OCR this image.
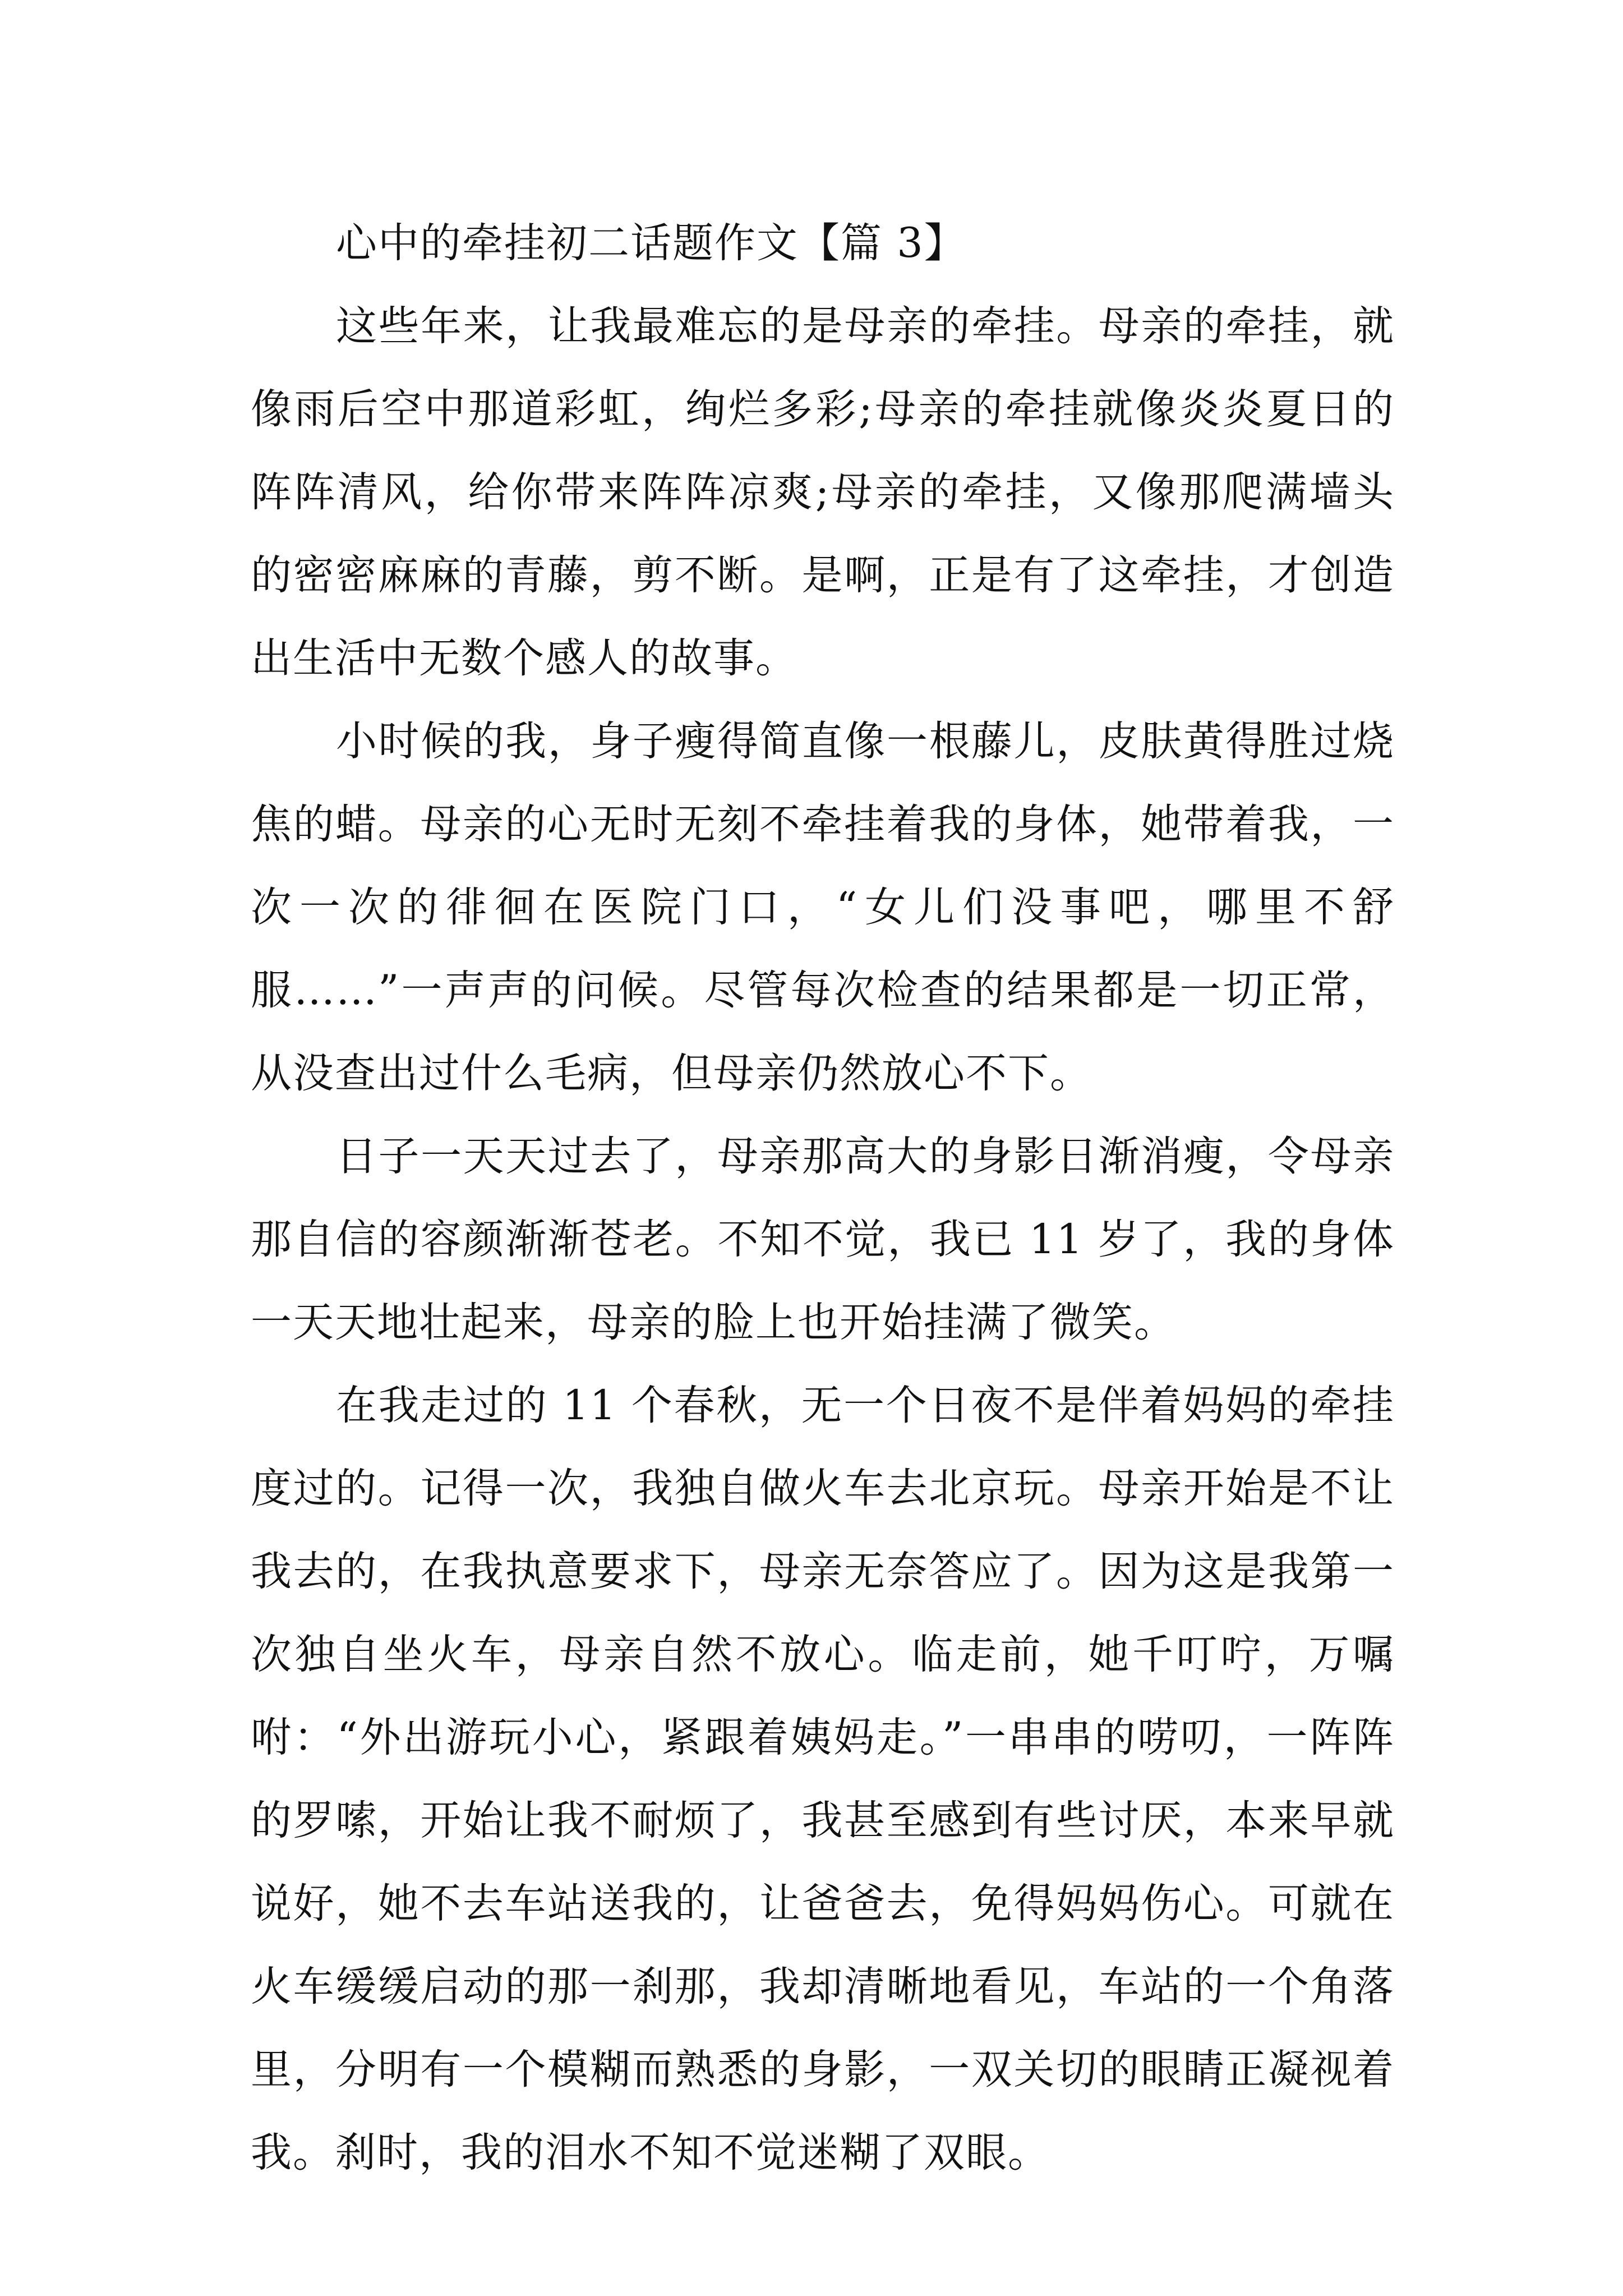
心中的牵挂初二话题作文【篇 3】

这些年来，让我最难忘的是母亲的牵挂。母亲的牵挂，就像雨后空中那道彩虹，绚烂多彩;母亲的牵挂就像炎炎夏日的阵阵清风，给你带来阵阵凉爽;母亲的牵挂，又像那爬满墙头的密密麻麻的青藤，剪不断。是啊，正是有了这牵挂，才创造出生活中无数个感人的故事。

小时候的我，身子瘦得简直像一根藤儿，皮肤黄得胜过烧焦的蜡。母亲的心无时无刻不牵挂着我的身体，她带着我，一次一次的徘徊在医院门口，“女儿们没事吧，哪里不舒服……”一声声的问候。尽管每次检查的结果都是一切正常，从没查出过什么毛病，但母亲仍然放心不下。

日子一天天过去了，母亲那高大的身影日渐消瘦，令母亲那自信的容颜渐渐苍老。不知不觉，我已 11 岁了，我的身体一天天地壮起来，母亲的脸上也开始挂满了微笑。

在我走过的 11 个春秋，无一个日夜不是伴着妈妈的牵挂度过的。记得一次，我独自做火车去北京玩。母亲开始是不让我去的，在我执意要求下，母亲无奈答应了。因为这是我第一次独自坐火车，母亲自然不放心。临走前，她千叮咛，万嘱咐：“外出游玩小心，紧跟着姨妈走。”一串串的唠叨，一阵阵的罗嗦，开始让我不耐烦了，我甚至感到有些讨厌，本来早就说好，她不去车站送我的，让爸爸去，免得妈妈伤心。可就在火车缓缓启动的那一刹那，我却清晰地看见，车站的一个角落里，分明有一个模糊而熟悉的身影，一双关切的眼睛正凝视着我。刹时，我的泪水不知不觉迷糊了双眼。
